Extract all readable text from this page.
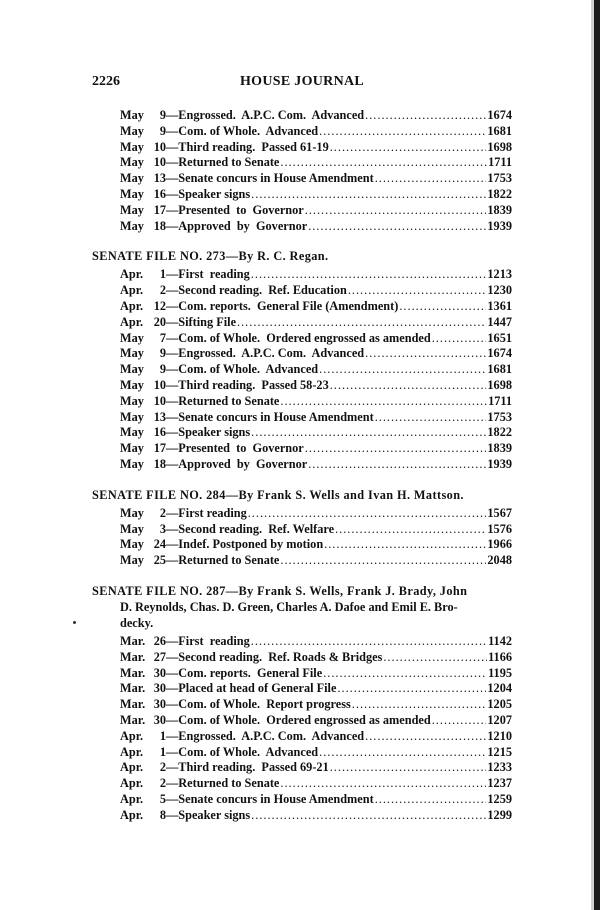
2226	HOUSE JOURNAL
May	9 —Engrossed.  A.P.C. Com.  Advanced .....	1674
May	9 —Com. of Whole.  Advanced .....	1681
May 10 —Third reading.  Passed 61-19 .....	1698
May 10 —Returned to Senate .....	1711
May 13 —Senate concurs in House Amendment .....	1753
May 16 —Speaker signs .....	1822
May 17 —Presented  to  Governor .....	1839
May 18 —Approved  by  Governor .....	1939
SENATE FILE NO. 273—By R. C. Regan.
Apr.	1 —First  reading .....	1213
Apr.	2 —Second reading.  Ref. Education .....	1230
Apr. 12 —Com. reports.  General File (Amendment) .....	1361
Apr. 20 —Sifting File .....	1447
May	7 —Com. of Whole.  Ordered engrossed as amended .....	1651
May	9 —Engrossed.  A.P.C. Com.  Advanced .....	1674
May	9 —Com. of Whole.  Advanced .....	1681
May 10 —Third reading.  Passed 58-23 .....	1698
May 10 —Returned to Senate .....	1711
May 13 —Senate concurs in House Amendment .....	1753
May 16 —Speaker signs .....	1822
May 17 —Presented  to  Governor .....	1839
May 18 —Approved  by  Governor .....	1939
SENATE FILE NO. 284—By Frank S. Wells and Ivan H. Mattson.
May	2 —First reading .....	1567
May	3 —Second reading.  Ref. Welfare .....	1576
May 24 —Indef. Postponed by motion .....	1966
May 25 —Returned to Senate .....	2048
SENATE FILE NO. 287—By Frank S. Wells, Frank J. Brady, John
D. Reynolds, Chas. D. Green, Charles A. Dafoe and Emil E. Bro-
decky.
Mar. 26 —First  reading .....	1142
Mar. 27 —Second reading.  Ref. Roads & Bridges .....	1166
Mar. 30 —Com. reports.  General File .....	1195
Mar. 30 —Placed at head of General File .....	1204
Mar. 30 —Com. of Whole.  Report progress .....	1205
Mar. 30 —Com. of Whole.  Ordered engrossed as amended .....	1207
Apr.	1 —Engrossed.  A.P.C. Com.  Advanced .....	1210
Apr.	1 —Com. of Whole.  Advanced .....	1215
Apr.	2 —Third reading.  Passed 69-21 .....	1233
Apr.	2 —Returned to Senate .....	1237
Apr.	5 —Senate concurs in House Amendment .....	1259
Apr.	8 —Speaker signs .....	1299
